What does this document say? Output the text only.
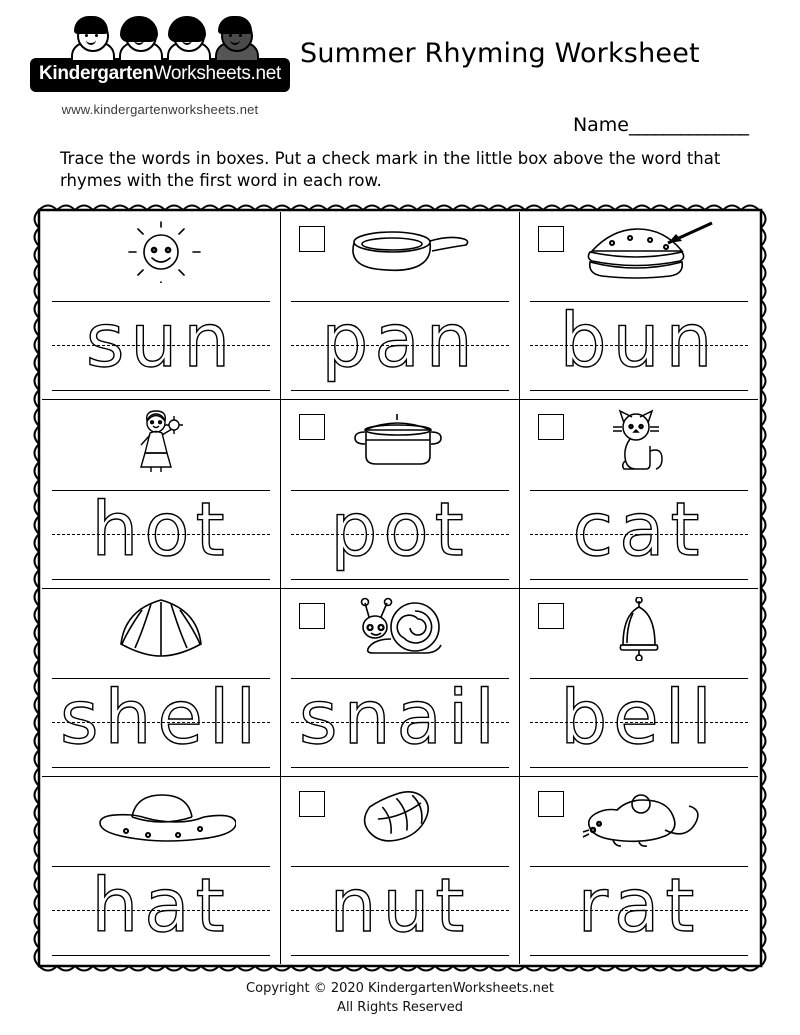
KindergartenWorksheets.net
www.kindergartenworksheets.net
Summer Rhyming Worksheet
Name______________
Trace the words in boxes. Put a check mark in the little box above the word that rhymes with the first word in each row.
sun	pan	bun
hot	pot	cat
shell snail bell
hat	nut	rat
Copyright © 2020 KindergartenWorksheets.net
All Rights Reserved
